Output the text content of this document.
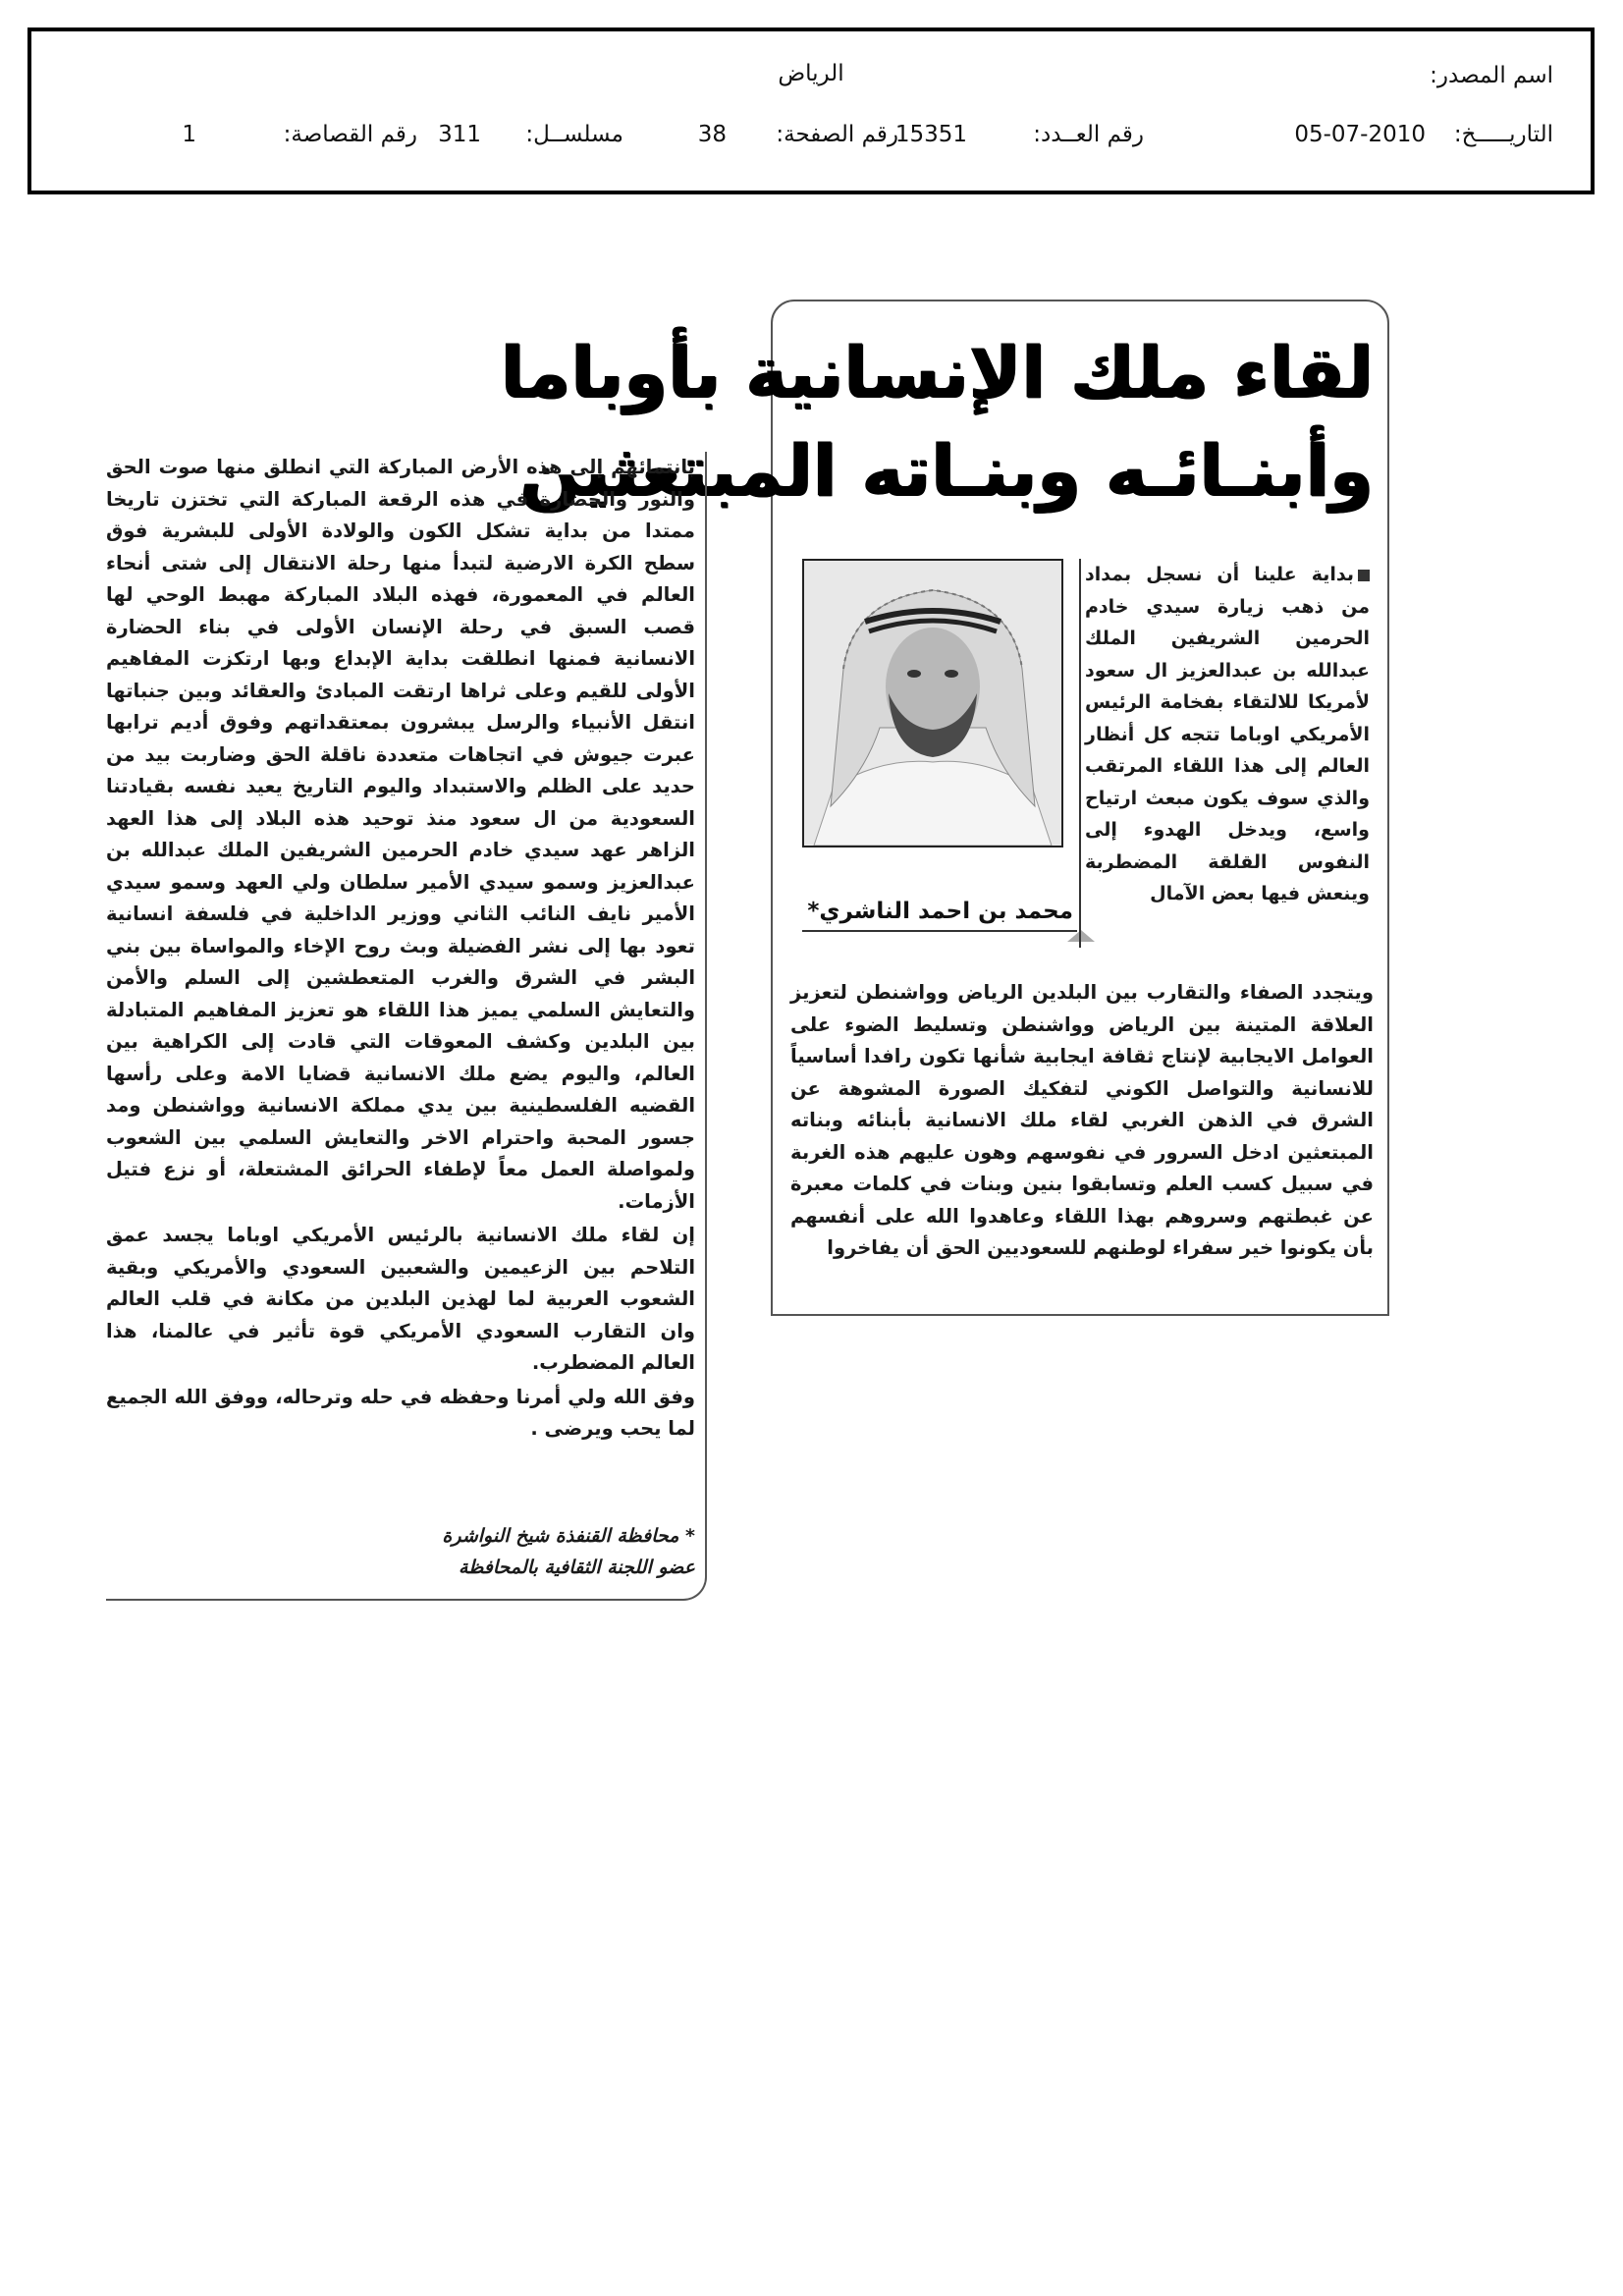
اسم المصدر:
الرياض
التاريـــــخ:
05-07-2010
رقم العــدد:
15351
رقم الصفحة:
38
مسلســل:
311
رقم القصاصة:
1
لقاء ملك الإنسانية بأوباما
وأبنـائـه وبنـاته المبتعثين
محمد بن احمد الناشري*
بداية علينا أن نسجل بمداد من ذهب زيارة سيدي خادم الحرمين الشريفين الملك عبدالله بن عبدالعزيز ال سعود لأمريكا للالتقاء بفخامة الرئيس الأمريكي اوباما تتجه كل أنظار العالم إلى هذا اللقاء المرتقب والذي سوف يكون مبعث ارتياح واسع، ويدخل الهدوء إلى النفوس القلقة المضطربة وينعش فيها بعض الآمال
ويتجدد الصفاء والتقارب بين البلدين الرياض وواشنطن لتعزيز العلاقة المتينة بين الرياض وواشنطن وتسليط الضوء على العوامل الايجابية لإنتاج ثقافة ايجابية شأنها تكون رافدا أساسياً للانسانية والتواصل الكوني لتفكيك الصورة المشوهة عن الشرق في الذهن الغربي لقاء ملك الانسانية بأبنائه وبناته المبتعثين ادخل السرور في نفوسهم وهون عليهم هذه الغربة في سبيل كسب العلم وتسابقوا بنين وبنات في كلمات معبرة عن غبطتهم وسروهم بهذا اللقاء وعاهدوا الله على أنفسهم بأن يكونوا خير سفراء لوطنهم للسعوديين الحق أن يفاخروا

بانتمائهم إلى هذه الأرض المباركة التي انطلق منها صوت الحق والنور والحضارة في هذه الرقعة المباركة التي تختزن تاريخا ممتدا من بداية تشكل الكون والولادة الأولى للبشرية فوق سطح الكرة الارضية لتبدأ منها رحلة الانتقال إلى شتى أنحاء العالم في المعمورة، فهذه البلاد المباركة مهبط الوحي لها قصب السبق في رحلة الإنسان الأولى في بناء الحضارة الانسانية فمنها انطلقت بداية الإبداع وبها ارتكزت المفاهيم الأولى للقيم وعلى ثراها ارتقت المبادئ والعقائد وبين جنباتها انتقل الأنبياء والرسل يبشرون بمعتقداتهم وفوق أديم ترابها عبرت جيوش في اتجاهات متعددة ناقلة الحق وضاربت بيد من حديد على الظلم والاستبداد واليوم التاريخ يعيد نفسه بقيادتنا السعودية من ال سعود منذ توحيد هذه البلاد إلى هذا العهد الزاهر عهد سيدي خادم الحرمين الشريفين الملك عبدالله بن عبدالعزيز وسمو سيدي الأمير سلطان ولي العهد وسمو سيدي الأمير نايف النائب الثاني ووزير الداخلية في فلسفة انسانية تعود بها إلى نشر الفضيلة وبث روح الإخاء والمواساة بين بني البشر في الشرق والغرب المتعطشين إلى السلم والأمن والتعايش السلمي يميز هذا اللقاء هو تعزيز المفاهيم المتبادلة بين البلدين وكشف المعوقات التي قادت إلى الكراهية بين العالم، واليوم يضع ملك الانسانية قضايا الامة وعلى رأسها القضيه الفلسطينية بين يدي مملكة الانسانية وواشنطن ومد جسور المحبة واحترام الاخر والتعايش السلمي بين الشعوب ولمواصلة العمل معاً لإطفاء الحرائق المشتعلة، أو نزع فتيل الأزمات.

إن لقاء ملك الانسانية بالرئيس الأمريكي اوباما يجسد عمق التلاحم بين الزعيمين والشعبين السعودي والأمريكي وبقية الشعوب العربية لما لهذين البلدين من مكانة في قلب العالم وان التقارب السعودي الأمريكي قوة تأثير في عالمنا، هذا العالم المضطرب.

وفق الله ولي أمرنا وحفظه في حله وترحاله، ووفق الله الجميع لما يحب ويرضى .

* محافظة القنفذة شيخ النواشرة
عضو اللجنة الثقافية بالمحافظة
